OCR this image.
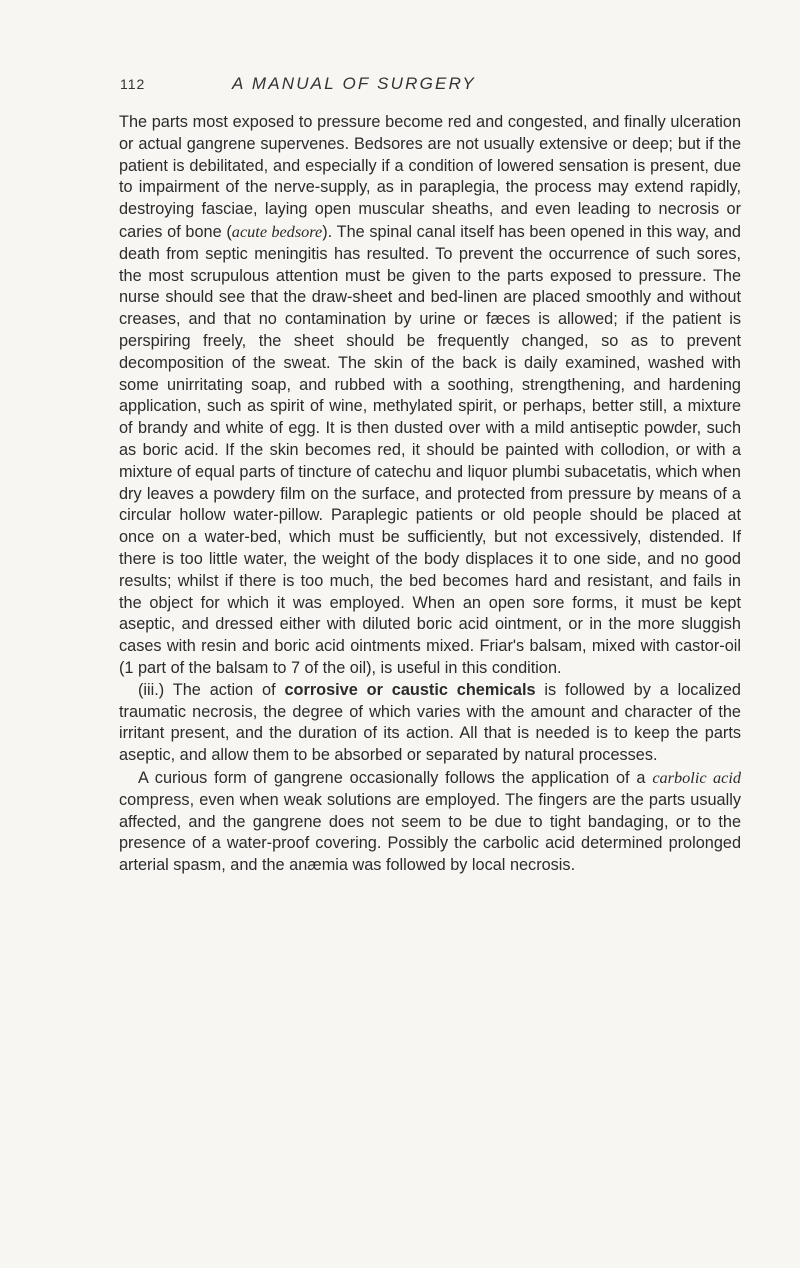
112	A MANUAL OF SURGERY

The parts most exposed to pressure become red and congested, and finally ulceration or actual gangrene supervenes. Bedsores are not usually extensive or deep; but if the patient is debilitated, and especially if a condition of lowered sensation is present, due to impairment of the nerve-supply, as in paraplegia, the process may extend rapidly, destroying fasciae, laying open muscular sheaths, and even leading to necrosis or caries of bone (acute bedsore). The spinal canal itself has been opened in this way, and death from septic meningitis has resulted. To prevent the occurrence of such sores, the most scrupulous attention must be given to the parts exposed to pressure. The nurse should see that the draw-sheet and bed-linen are placed smoothly and without creases, and that no contamination by urine or fæces is allowed; if the patient is perspiring freely, the sheet should be frequently changed, so as to prevent decomposition of the sweat. The skin of the back is daily examined, washed with some unirritating soap, and rubbed with a soothing, strengthening, and hardening application, such as spirit of wine, methylated spirit, or perhaps, better still, a mixture of brandy and white of egg. It is then dusted over with a mild antiseptic powder, such as boric acid. If the skin becomes red, it should be painted with collodion, or with a mixture of equal parts of tincture of catechu and liquor plumbi subacetatis, which when dry leaves a powdery film on the surface, and protected from pressure by means of a circular hollow water-pillow. Paraplegic patients or old people should be placed at once on a water-bed, which must be sufficiently, but not excessively, distended. If there is too little water, the weight of the body displaces it to one side, and no good results; whilst if there is too much, the bed becomes hard and resistant, and fails in the object for which it was employed. When an open sore forms, it must be kept aseptic, and dressed either with diluted boric acid ointment, or in the more sluggish cases with resin and boric acid ointments mixed. Friar's balsam, mixed with castor-oil (1 part of the balsam to 7 of the oil), is useful in this condition.

(iii.) The action of corrosive or caustic chemicals is followed by a localized traumatic necrosis, the degree of which varies with the amount and character of the irritant present, and the duration of its action. All that is needed is to keep the parts aseptic, and allow them to be absorbed or separated by natural processes.

A curious form of gangrene occasionally follows the application of a carbolic acid compress, even when weak solutions are employed. The fingers are the parts usually affected, and the gangrene does not seem to be due to tight bandaging, or to the presence of a water-proof covering. Possibly the carbolic acid determined prolonged arterial spasm, and the anæmia was followed by local necrosis.
